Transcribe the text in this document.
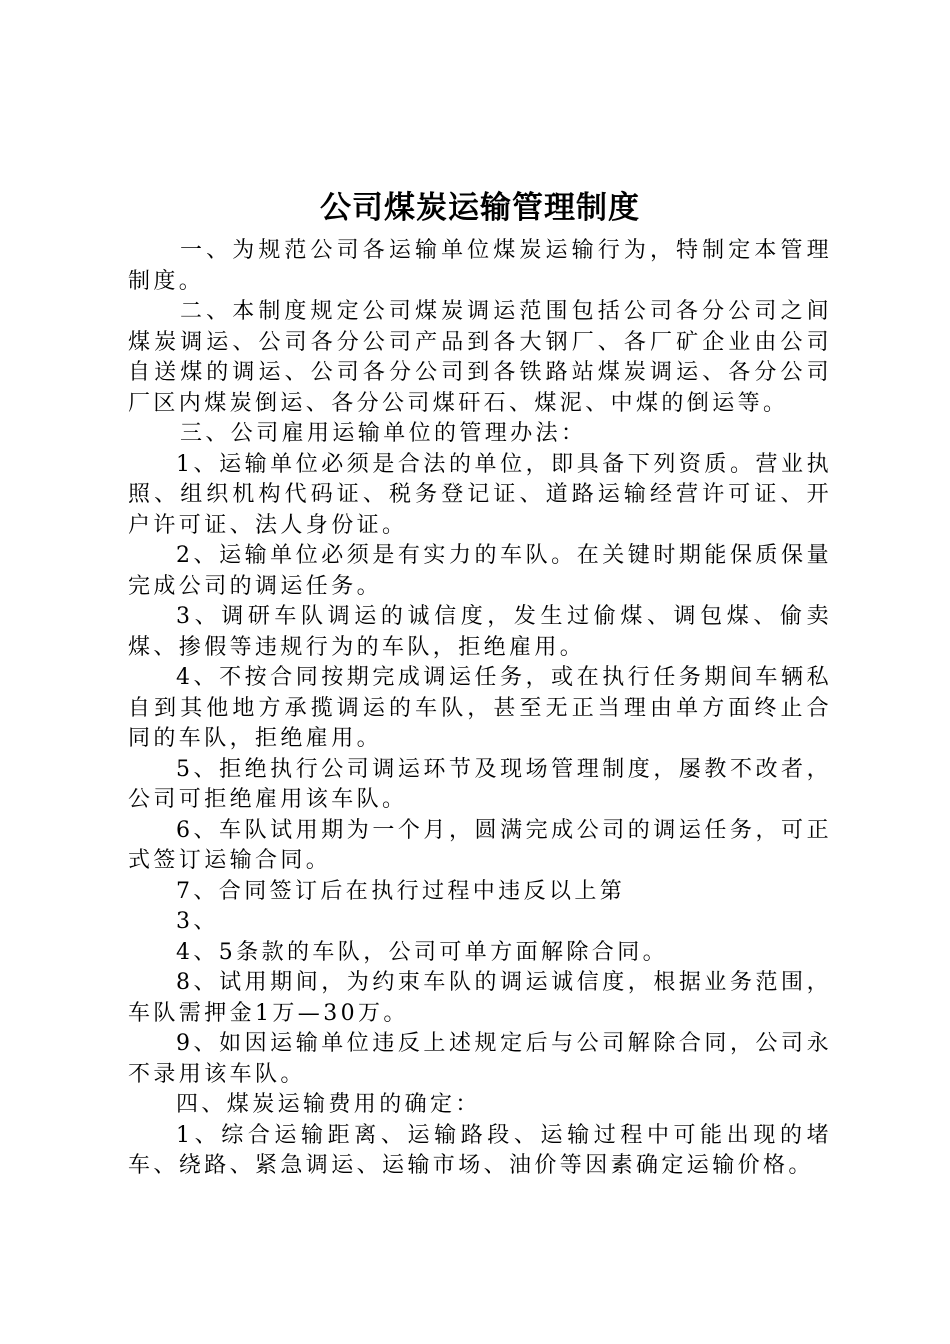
公司煤炭运输管理制度

一、为规范公司各运输单位煤炭运输行为，特制定本管理制度。

二、本制度规定公司煤炭调运范围包括公司各分公司之间煤炭调运、公司各分公司产品到各大钢厂、各厂矿企业由公司自送煤的调运、公司各分公司到各铁路站煤炭调运、各分公司厂区内煤炭倒运、各分公司煤矸石、煤泥、中煤的倒运等。

三、公司雇用运输单位的管理办法：

1、运输单位必须是合法的单位，即具备下列资质。营业执照、组织机构代码证、税务登记证、道路运输经营许可证、开户许可证、法人身份证。

2、运输单位必须是有实力的车队。在关键时期能保质保量完成公司的调运任务。

3、调研车队调运的诚信度，发生过偷煤、调包煤、偷卖煤、掺假等违规行为的车队，拒绝雇用。

4、不按合同按期完成调运任务，或在执行任务期间车辆私自到其他地方承揽调运的车队，甚至无正当理由单方面终止合同的车队，拒绝雇用。

5、拒绝执行公司调运环节及现场管理制度，屡教不改者，公司可拒绝雇用该车队。

6、车队试用期为一个月，圆满完成公司的调运任务，可正式签订运输合同。

7、合同签订后在执行过程中违反以上第

3、

4、5条款的车队，公司可单方面解除合同。

8、试用期间，为约束车队的调运诚信度，根据业务范围，车队需押金1万—30万。

9、如因运输单位违反上述规定后与公司解除合同，公司永不录用该车队。

四、煤炭运输费用的确定：

1、综合运输距离、运输路段、运输过程中可能出现的堵车、绕路、紧急调运、运输市场、油价等因素确定运输价格。
